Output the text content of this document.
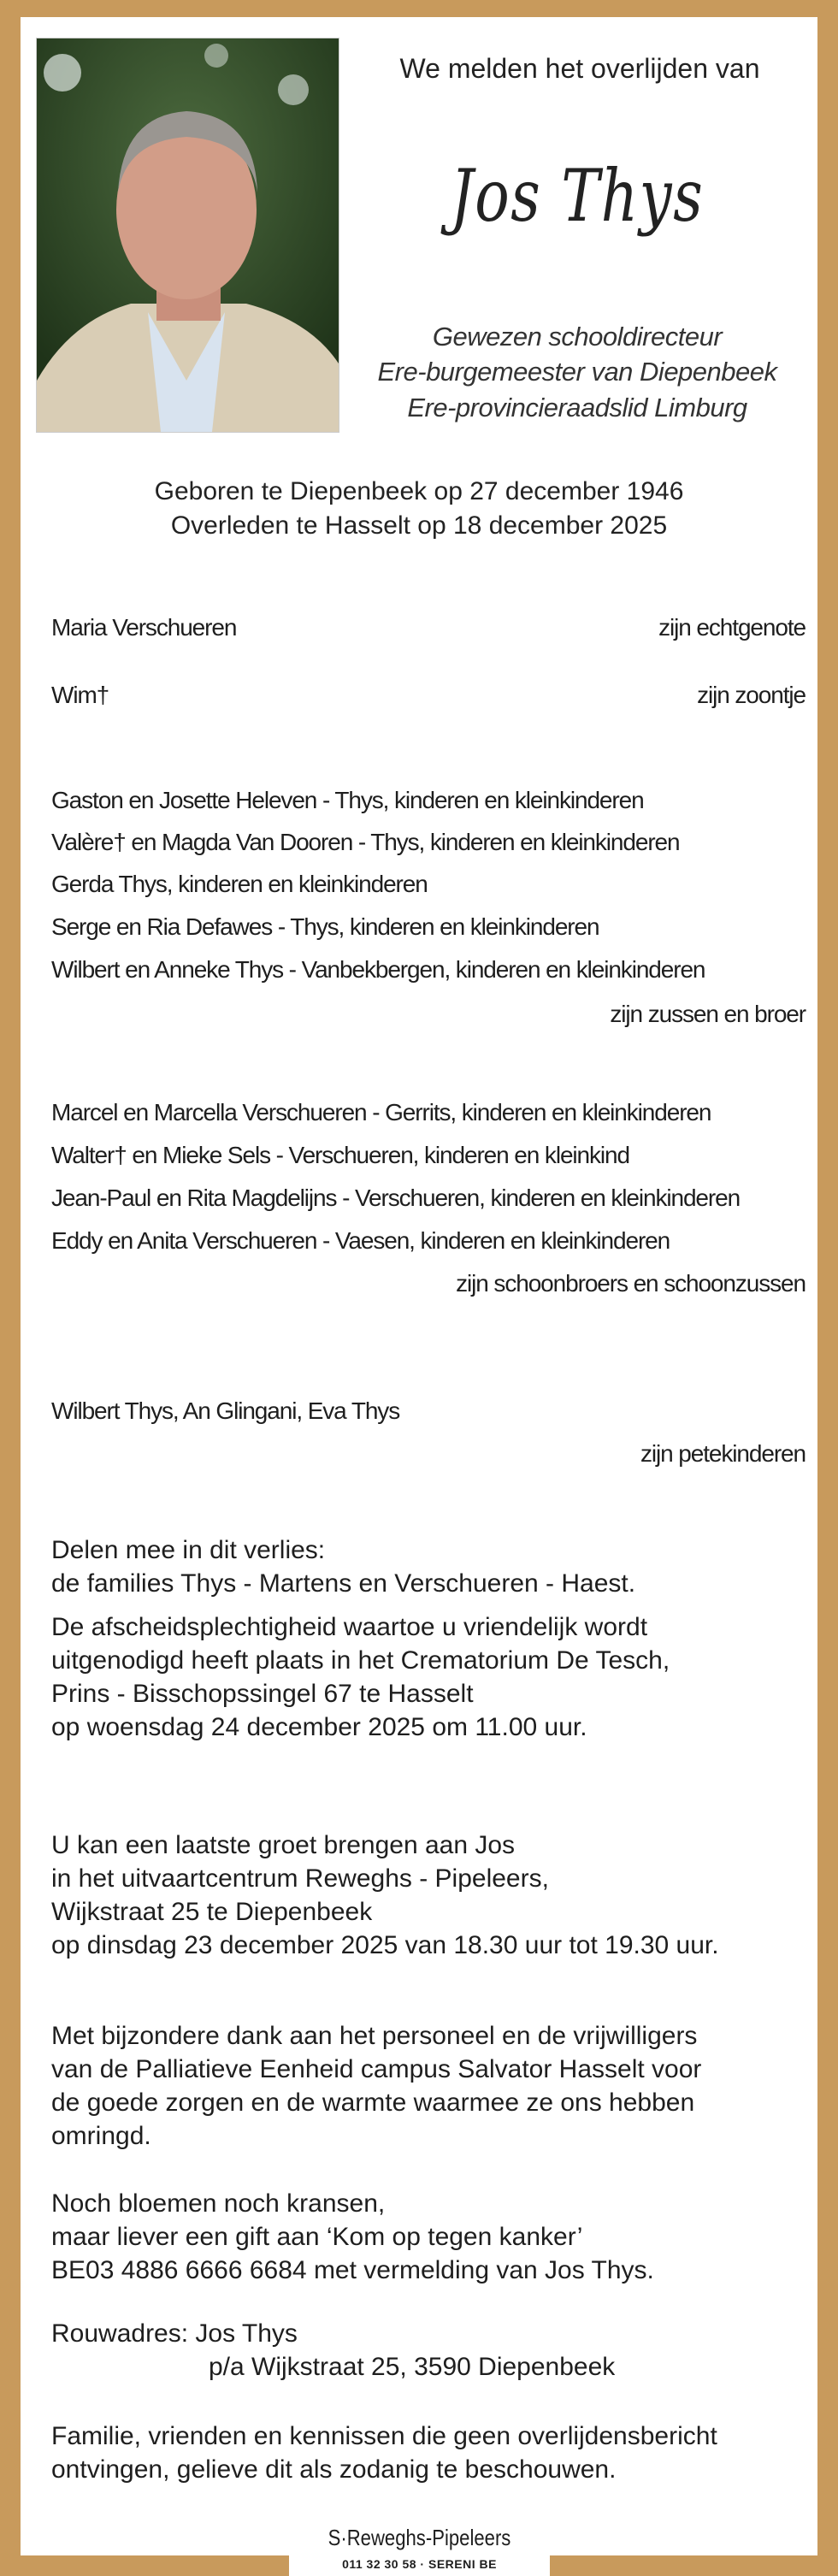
We melden het overlijden van
Jos Thys
Gewezen schooldirecteur
Ere-burgemeester van Diepenbeek
Ere-provincieraadslid Limburg
Geboren te Diepenbeek op 27 december 1946
Overleden te Hasselt op 18 december 2025
Maria Verschueren	zijn echtgenote
Wim†	zijn zoontje
Gaston en Josette Heleven - Thys, kinderen en kleinkinderen
Valère† en Magda Van Dooren - Thys, kinderen en kleinkinderen
Gerda Thys, kinderen en kleinkinderen
Serge en Ria Defawes - Thys, kinderen en kleinkinderen
Wilbert en Anneke Thys - Vanbekbergen, kinderen en kleinkinderen
zijn zussen en broer
Marcel en Marcella Verschueren - Gerrits, kinderen en kleinkinderen
Walter† en Mieke Sels - Verschueren, kinderen en kleinkind
Jean-Paul en Rita Magdelijns - Verschueren, kinderen en kleinkinderen
Eddy en Anita Verschueren - Vaesen, kinderen en kleinkinderen
zijn schoonbroers en schoonzussen
Wilbert Thys, An Glingani, Eva Thys
zijn petekinderen
Delen mee in dit verlies:
de families Thys - Martens en Verschueren - Haest.
De afscheidsplechtigheid waartoe u vriendelijk wordt
uitgenodigd heeft plaats in het Crematorium De Tesch,
Prins - Bisschopssingel 67 te Hasselt
op woensdag 24 december 2025 om 11.00 uur.
U kan een laatste groet brengen aan Jos
in het uitvaartcentrum Reweghs - Pipeleers,
Wijkstraat 25 te Diepenbeek
op dinsdag 23 december 2025 van 18.30 uur tot 19.30 uur.
Met bijzondere dank aan het personeel en de vrijwilligers
van de Palliatieve Eenheid campus Salvator Hasselt voor
de goede zorgen en de warmte waarmee ze ons hebben
omringd.
Noch bloemen noch kransen,
maar liever een gift aan ‘Kom op tegen kanker’
BE03 4886 6666 6684 met vermelding van Jos Thys.
Rouwadres: Jos Thys
p/a Wijkstraat 25, 3590 Diepenbeek
Familie, vrienden en kennissen die geen overlijdensbericht
ontvingen, gelieve dit als zodanig te beschouwen.
S·Reweghs-Pipeleers
011 32 30 58 · SERENI BE
